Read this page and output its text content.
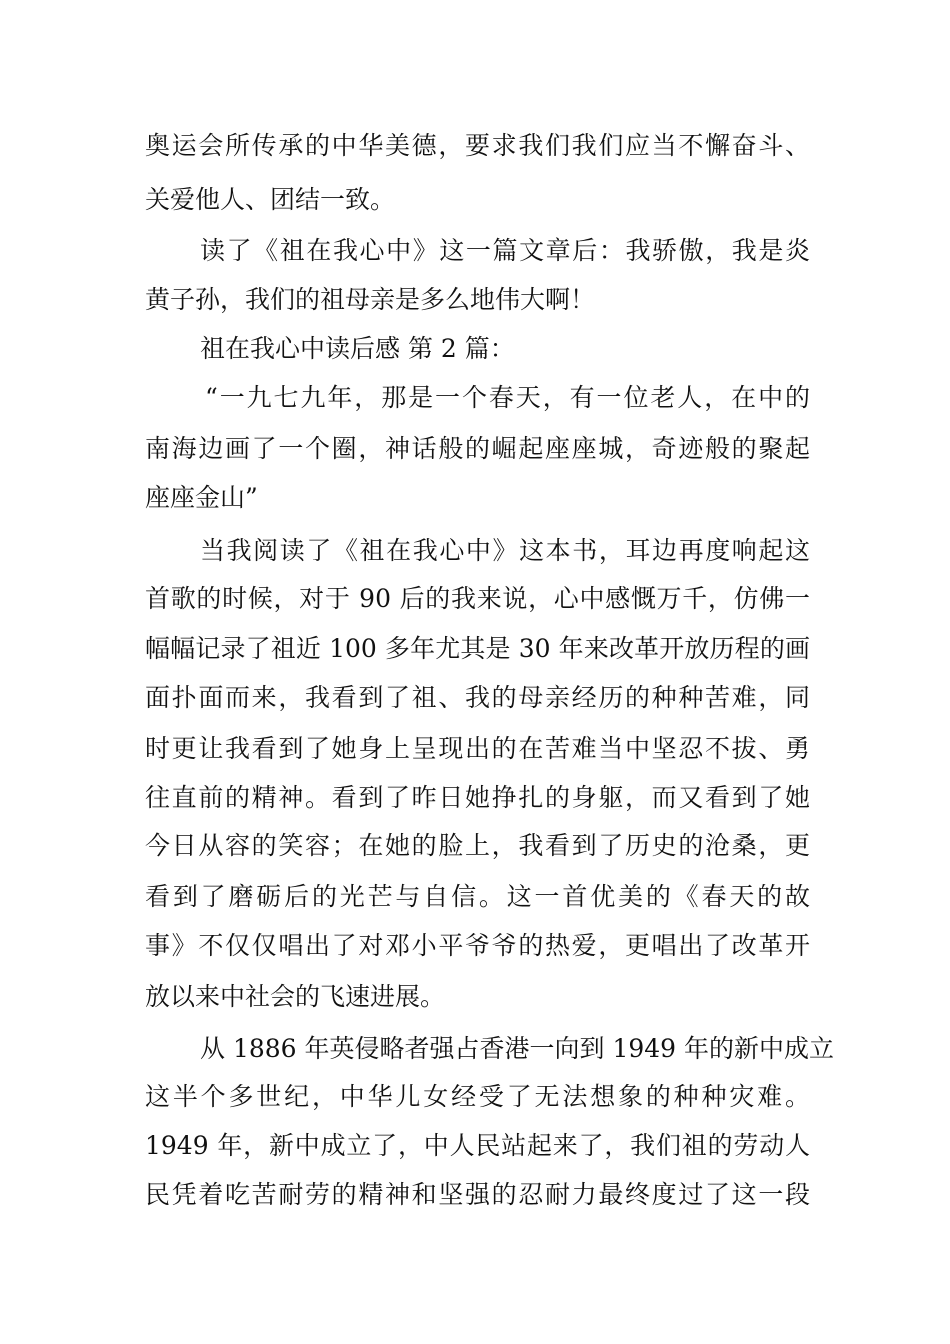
奥运会所传承的中华美德，要求我们我们应当不懈奋斗、
关爱他人、团结一致。
读了《祖在我心中》这一篇文章后：我骄傲，我是炎
黄子孙，我们的祖母亲是多么地伟大啊！
祖在我心中读后感 第 2 篇：
“一九七九年，那是一个春天，有一位老人，在中的
南海边画了一个圈，神话般的崛起座座城，奇迹般的聚起
座座金山”
当我阅读了《祖在我心中》这本书，耳边再度响起这
首歌的时候，对于 90 后的我来说，心中感慨万千，仿佛一
幅幅记录了祖近 100 多年尤其是 30 年来改革开放历程的画
面扑面而来，我看到了祖、我的母亲经历的种种苦难，同
时更让我看到了她身上呈现出的在苦难当中坚忍不拔、勇
往直前的精神。看到了昨日她挣扎的身躯，而又看到了她
今日从容的笑容；在她的脸上，我看到了历史的沧桑，更
看到了磨砺后的光芒与自信。这一首优美的《春天的故
事》不仅仅唱出了对邓小平爷爷的热爱，更唱出了改革开
放以来中社会的飞速进展。
从 1886 年英侵略者强占香港一向到 1949 年的新中成立
这半个多世纪，中华儿女经受了无法想象的种种灾难。
1949 年，新中成立了，中人民站起来了，我们祖的劳动人
民凭着吃苦耐劳的精神和坚强的忍耐力最终度过了这一段
